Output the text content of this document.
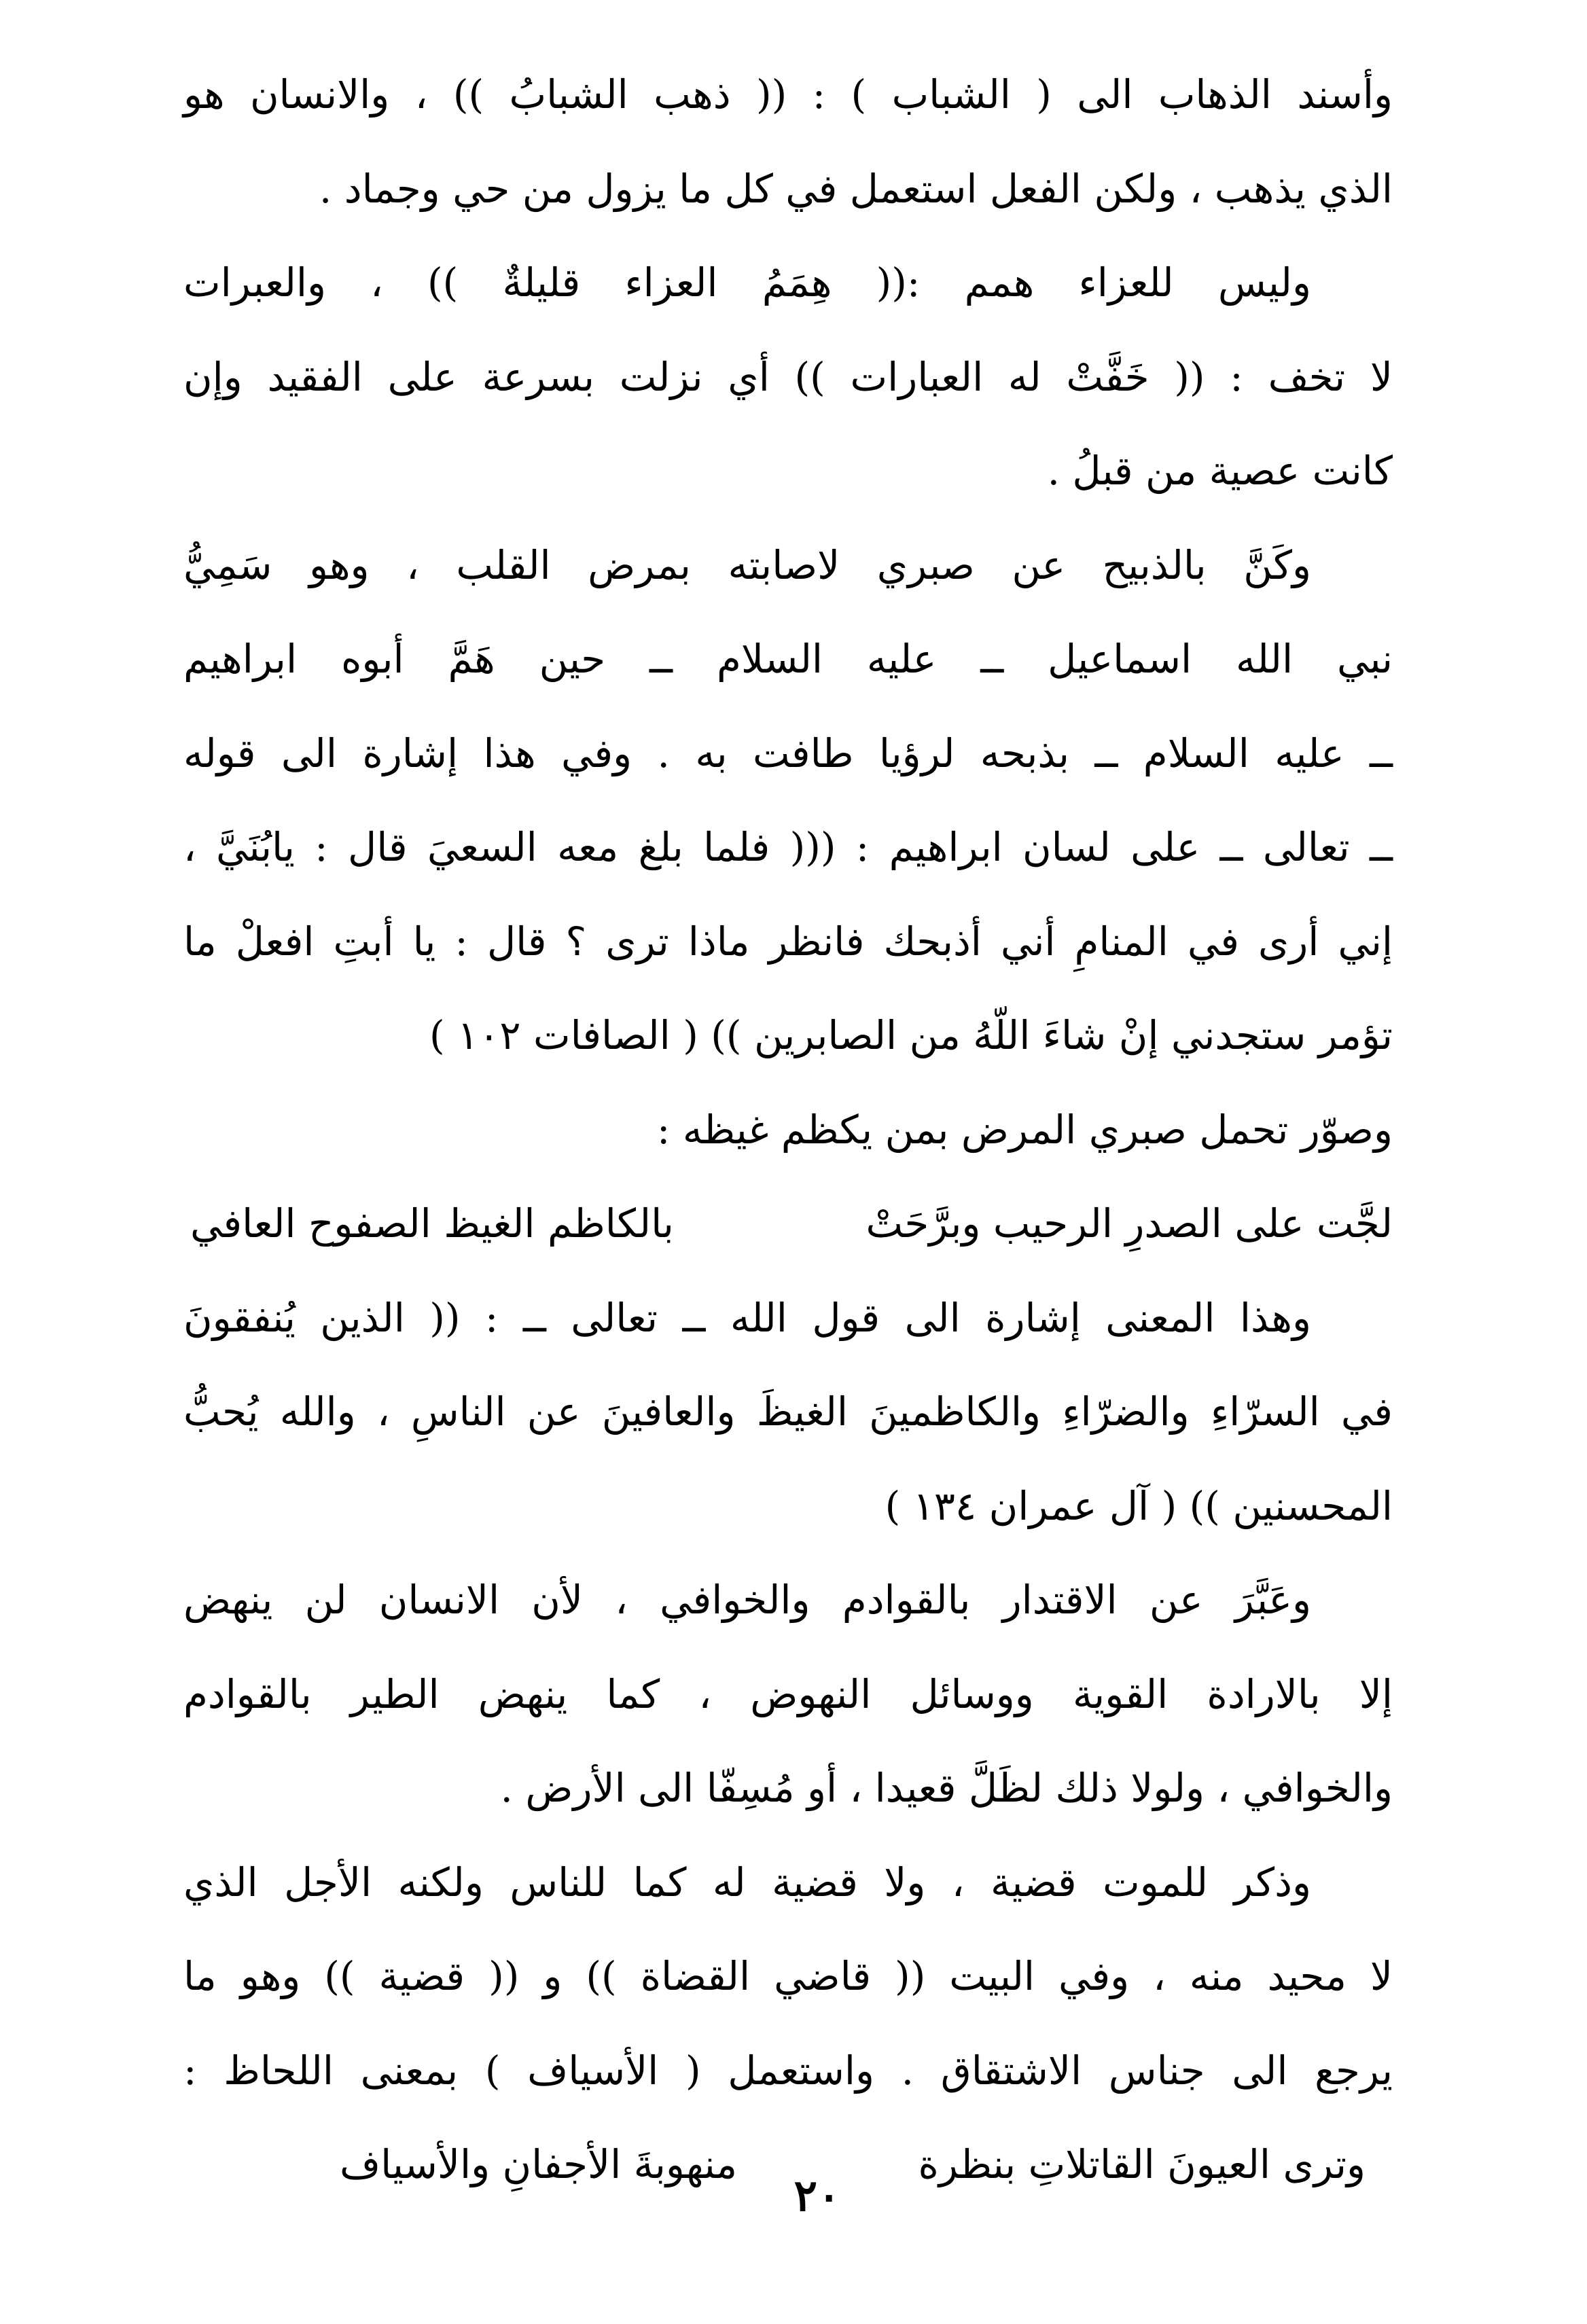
وأسند الذهاب الى ( الشباب ) : (( ذهب الشبابُ )) ، والانسان هو
الذي يذهب ، ولكن الفعل استعمل في كل ما يزول من حي وجماد .
وليس للعزاء همم :(( هِمَمُ العزاء قليلةٌ )) ، والعبرات
لا تخف : (( خَفَّتْ له العبارات )) أي نزلت بسرعة على الفقيد وإن
كانت عصية من قبلُ .
وكَنَّ بالذبيح عن صبري لاصابته بمرض القلب ، وهو سَمِيُّ
نبي الله اسماعيل ــ عليه السلام ــ حين هَمَّ أبوه ابراهيم
ــ عليه السلام ــ بذبحه لرؤيا طافت به . وفي هذا إشارة الى قوله
ــ تعالى ــ على لسان ابراهيم : ((( فلما بلغ معه السعيَ قال : يابُنَيَّ ،
إني أرى في المنامِ أني أذبحك فانظر ماذا ترى ؟ قال : يا أبتِ افعلْ ما
تؤمر ستجدني إنْ شاءَ اللّهُ من الصابرين )) ( الصافات ١٠٢ )
وصوّر تحمل صبري المرض بمن يكظم غيظه :
لجَّت على الصدرِ الرحيب وبرَّحَتْ
بالكاظم الغيظ الصفوح العافي
وهذا المعنى إشارة الى قول الله ــ تعالى ــ : (( الذين يُنفقونَ
في السرّاءِ والضرّاءِ والكاظمينَ الغيظَ والعافينَ عن الناسِ ، والله يُحبُّ
المحسنين )) ( آل عمران ١٣٤ )
وعَبَّرَ عن الاقتدار بالقوادم والخوافي ، لأن الانسان لن ينهض
إلا بالارادة القوية ووسائل النهوض ، كما ينهض الطير بالقوادم
والخوافي ، ولولا ذلك لظَلَّ قعيدا ، أو مُسِفّا الى الأرض .
وذكر للموت قضية ، ولا قضية له كما للناس ولكنه الأجل الذي
لا محيد منه ، وفي البيت (( قاضي القضاة )) و (( قضية )) وهو ما
يرجع الى جناس الاشتقاق . واستعمل ( الأسياف ) بمعنى اللحاظ :
وترى العيونَ القاتلاتِ بنظرة
منهوبةَ الأجفانِ والأسياف
٢٠
